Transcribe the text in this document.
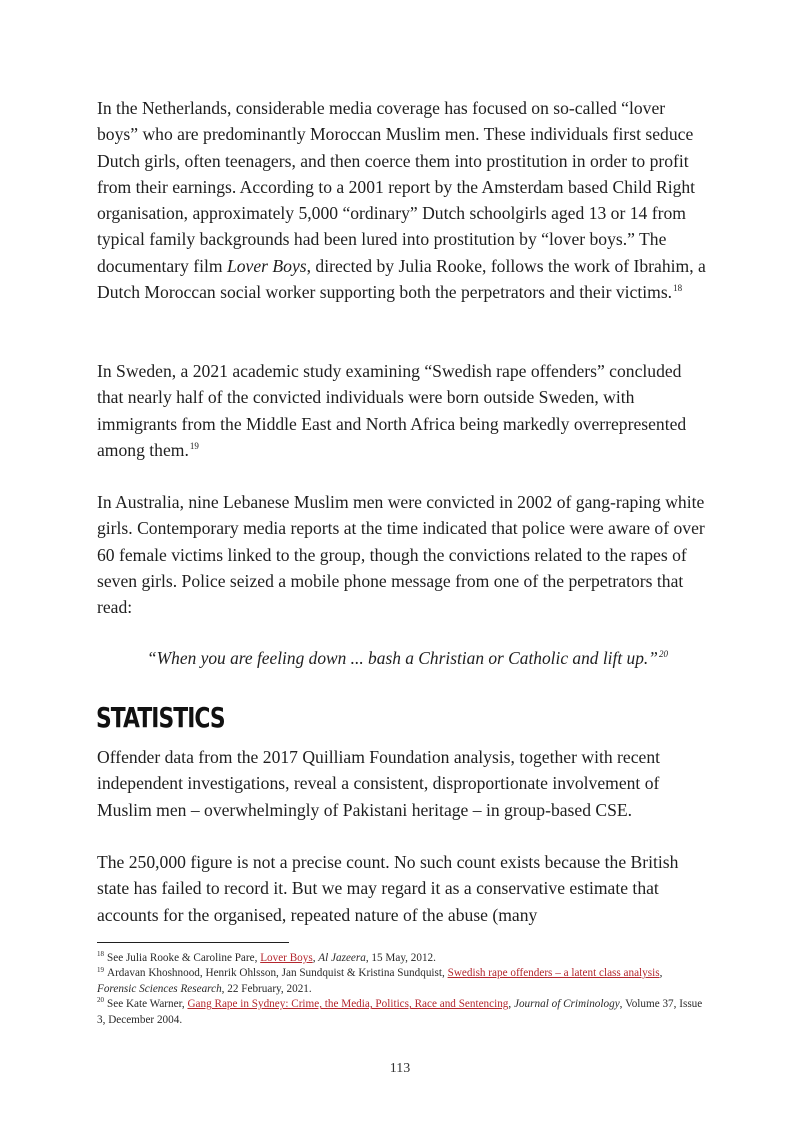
In the Netherlands, considerable media coverage has focused on so-called “lover boys” who are predominantly Moroccan Muslim men. These individuals first seduce Dutch girls, often teenagers, and then coerce them into prostitution in order to profit from their earnings. According to a 2001 report by the Amsterdam based Child Right organisation, approximately 5,000 “ordinary” Dutch schoolgirls aged 13 or 14 from typical family backgrounds had been lured into prostitution by “lover boys.” The documentary film Lover Boys, directed by Julia Rooke, follows the work of Ibrahim, a Dutch Moroccan social worker supporting both the perpetrators and their victims.$^{18}$

In Sweden, a 2021 academic study examining “Swedish rape offenders” concluded that nearly half of the convicted individuals were born outside Sweden, with immigrants from the Middle East and North Africa being markedly overrepresented among them.$^{19}$

In Australia, nine Lebanese Muslim men were convicted in 2002 of gang-raping white girls. Contemporary media reports at the time indicated that police were aware of over 60 female victims linked to the group, though the convictions related to the rapes of seven girls. Police seized a mobile phone message from one of the perpetrators that read:

“When you are feeling down ... bash a Christian or Catholic and lift up.”$^{20}$

STATISTICS

Offender data from the 2017 Quilliam Foundation analysis, together with recent independent investigations, reveal a consistent, disproportionate involvement of Muslim men – overwhelmingly of Pakistani heritage – in group-based CSE.

The 250,000 figure is not a precise count. No such count exists because the British state has failed to record it. But we may regard it as a conservative estimate that accounts for the organised, repeated nature of the abuse (many

$^{18}$ See Julia Rooke & Caroline Pare, Lover Boys, Al Jazeera, 15 May, 2012.

$^{19}$ Ardavan Khoshnood, Henrik Ohlsson, Jan Sundquist & Kristina Sundquist, Swedish rape offenders – a latent class analysis, Forensic Sciences Research, 22 February, 2021.

$^{20}$ See Kate Warner, Gang Rape in Sydney: Crime, the Media, Politics, Race and Sentencing, Journal of Criminology, Volume 37, Issue 3, December 2004.

113
